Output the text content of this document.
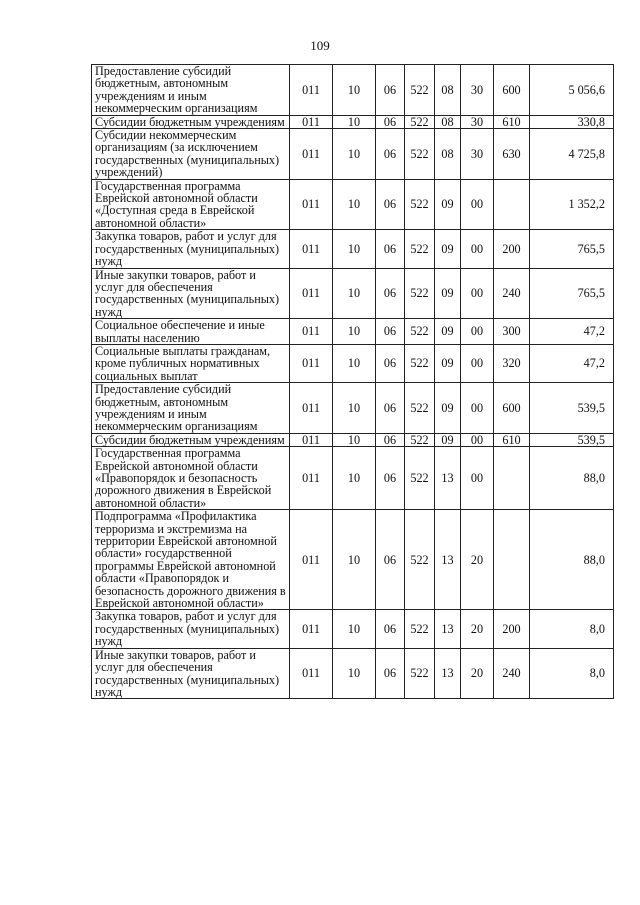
109
Предоставление субсидий бюджетным, автономным учреждениям и иным некоммерческим организациям	011	10	06	522	08	30	600	5 056,6
Субсидии бюджетным учреждениям	011	10	06	522	08	30	610	330,8
Субсидии некоммерческим организациям (за исключением государственных (муниципальных) учреждений)	011	10	06	522	08	30	630	4 725,8
Государственная программа Еврейской автономной области «Доступная среда в Еврейской автономной области»	011	10	06	522	09	00		1 352,2
Закупка товаров, работ и услуг для государственных (муниципальных) нужд	011	10	06	522	09	00	200	765,5
Иные закупки товаров, работ и услуг для обеспечения государственных (муниципальных) нужд	011	10	06	522	09	00	240	765,5
Социальное обеспечение и иные выплаты населению	011	10	06	522	09	00	300	47,2
Социальные выплаты гражданам, кроме публичных нормативных социальных выплат	011	10	06	522	09	00	320	47,2
Предоставление субсидий бюджетным, автономным учреждениям и иным некоммерческим организациям	011	10	06	522	09	00	600	539,5
Субсидии бюджетным учреждениям	011	10	06	522	09	00	610	539,5
Государственная программа Еврейской автономной области «Правопорядок и безопасность дорожного движения в Еврейской автономной области»	011	10	06	522	13	00		88,0
Подпрограмма «Профилактика терроризма и экстремизма на территории Еврейской автономной области» государственной программы Еврейской автономной области «Правопорядок и безопасность дорожного движения в Еврейской автономной области»	011	10	06	522	13	20		88,0
Закупка товаров, работ и услуг для государственных (муниципальных) нужд	011	10	06	522	13	20	200	8,0
Иные закупки товаров, работ и услуг для обеспечения государственных (муниципальных) нужд	011	10	06	522	13	20	240	8,0
